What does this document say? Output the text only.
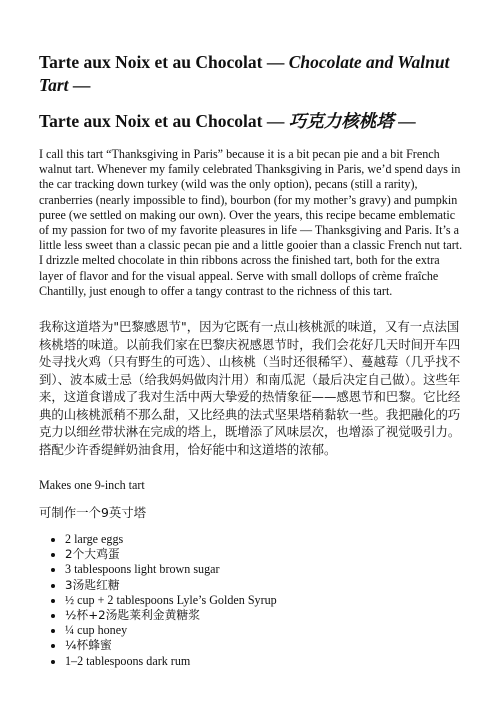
Tarte aux Noix et au Chocolat — Chocolate and Walnut Tart —
Tarte aux Noix et au Chocolat — 巧克力核桃塔 —

I call this tart “Thanksgiving in Paris” because it is a bit pecan pie and a bit French walnut tart. Whenever my family celebrated Thanksgiving in Paris, we’d spend days in the car tracking down turkey (wild was the only option), pecans (still a rarity), cranberries (nearly impossible to find), bourbon (for my mother’s gravy) and pumpkin puree (we settled on making our own). Over the years, this recipe became emblematic of my passion for two of my favorite pleasures in life — Thanksgiving and Paris. It’s a little less sweet than a classic pecan pie and a little gooier than a classic French nut tart. I drizzle melted chocolate in thin ribbons across the finished tart, both for the extra layer of flavor and for the visual appeal. Serve with small dollops of crème fraîche Chantilly, just enough to offer a tangy contrast to the richness of this tart.

我称这道塔为"巴黎感恩节"，因为它既有一点山核桃派的味道，又有一点法国核桃塔的味道。以前我们家在巴黎庆祝感恩节时，我们会花好几天时间开车四处寻找火鸡（只有野生的可选）、山核桃（当时还很稀罕）、蔓越莓（几乎找不到）、波本威士忌（给我妈妈做肉汁用）和南瓜泥（最后决定自己做）。这些年来，这道食谱成了我对生活中两大挚爱的热情象征——感恩节和巴黎。它比经典的山核桃派稍不那么甜，又比经典的法式坚果塔稍黏软一些。我把融化的巧克力以细丝带状淋在完成的塔上，既增添了风味层次，也增添了视觉吸引力。搭配少许香缇鲜奶油食用，恰好能中和这道塔的浓郁。

Makes one 9-inch tart

可制作一个9英寸塔

• 2 large eggs
• 2个大鸡蛋
• 3 tablespoons light brown sugar
• 3汤匙红糖
• ½ cup + 2 tablespoons Lyle’s Golden Syrup
• ½杯+2汤匙莱利金黄糖浆
• ¼ cup honey
• ¼杯蜂蜜
• 1–2 tablespoons dark rum
